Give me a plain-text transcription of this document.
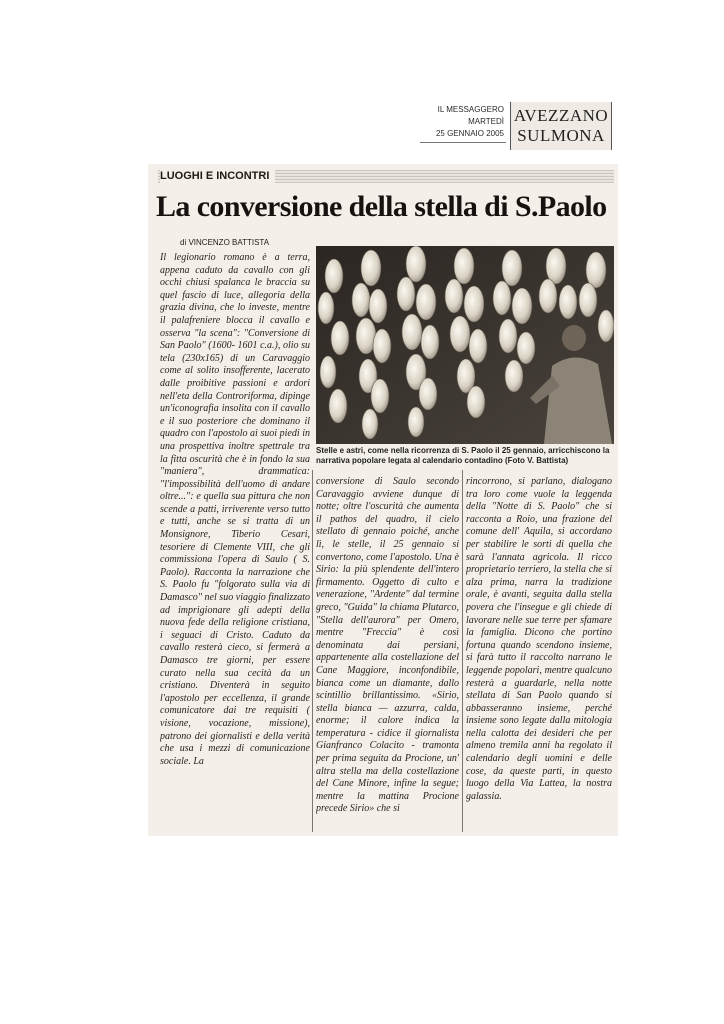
IL MESSAGGERO
MARTEDÌ
25 GENNAIO 2005
AVEZZANO
SULMONA
LUOGHI E INCONTRI
La conversione della stella di S.Paolo
di VINCENZO BATTISTA
Il legionario romano è a terra, appena caduto da cavallo con gli occhi chiusi spalanca le braccia su quel fascio di luce, allegoria della grazia divina, che lo investe, mentre il palafreniere blocca il cavallo e osserva "la scena": "Conversione di San Paolo" (1600- 1601 c.a.), olio su tela (230x165) di un Caravaggio come al solito insofferente, lacerato dalle proibitive passioni e ardori nell'eta della Controriforma, dipinge un'iconografia insolita con il cavallo e il suo posteriore che dominano il quadro con l'apostolo ai suoi piedi in una prospettiva inoltre spettrale tra la fitta oscurità che è in fondo la sua "maniera", drammatica: "l'impossibilità dell'uomo di andare oltre...": e quella sua pittura che non scende a patti, irriverente verso tutto e tutti, anche se si tratta di un Monsignore, Tiberio Cesari, tesoriere di Clemente VIII, che gli commissiona l'opera di Saulo ( S. Paolo). Racconta la narrazione che S. Paolo fu "folgorato sulla via di Damasco" nel suo viaggio finalizzato ad imprigionare gli adepti della nuova fede della religione cristiana, i seguaci di Cristo. Caduto da cavallo resterà cieco, si fermerà a Damasco tre giorni, per essere curato nella sua cecità da un cristiano. Diventerà in seguito l'apostolo per eccellenza, il grande comunicatore dai tre requisiti ( visione, vocazione, missione), patrono dei giornalisti e della verità che usa i mezzi di comunicazione sociale. La
Stelle e astri, come nella ricorrenza di S. Paolo il 25 gennaio, arricchiscono la narrativa popolare legata al calendario contadino (Foto V. Battista)
conversione di Saulo secondo Caravaggio avviene dunque di notte; oltre l'oscurità che aumenta il pathos del quadro, il cielo stellato di gennaio poiché, anche lì, le stelle, il 25 gennaio si convertono, come l'apostolo. Una è Sirio: la più splendente dell'intero firmamento. Oggetto di culto e venerazione, "Ardente" dal termine greco, "Guida" la chiama Plutarco, "Stella dell'aurora" per Omero, mentre "Freccia" è così denominata dai persiani, appartenente alla costellazione del Cane Maggiore, inconfondibile, bianca come un diamante, dallo scintillio brillantissimo. «Sirio, stella bianca — azzurra, calda, enorme; il calore indica la temperatura - cidice il giornalista Gianfranco Colacito - tramonta per prima seguita da Procione, un' altra stella ma della costellazione del Cane Minore, infine la segue; mentre la mattina Procione precede Sirio» che si
rincorrono, si parlano, dialogano tra loro come vuole la leggenda della "Notte di S. Paolo" che si racconta a Roio, una frazione del comune dell' Aquila, si accordano per stabilire le sorti di quella che sarà l'annata agricola. Il ricco proprietario terriero, la stella che si alza prima, narra la tradizione orale, è avanti, seguita dalla stella povera che l'insegue e gli chiede di lavorare nelle sue terre per sfamare la famiglia. Dicono che portino fortuna quando scendono insieme, si farà tutto il raccolto narrano le leggende popolari, mentre qualcuno resterà a guardarle, nella notte stellata di San Paolo quando si abbasseranno insieme, perché insieme sono legate dalla mitologia nella calotta dei desideri che per almeno tremila anni ha regolato il calendario degli uomini e delle cose, da queste parti, in questo luogo della Via Lattea, la nostra galassia.
